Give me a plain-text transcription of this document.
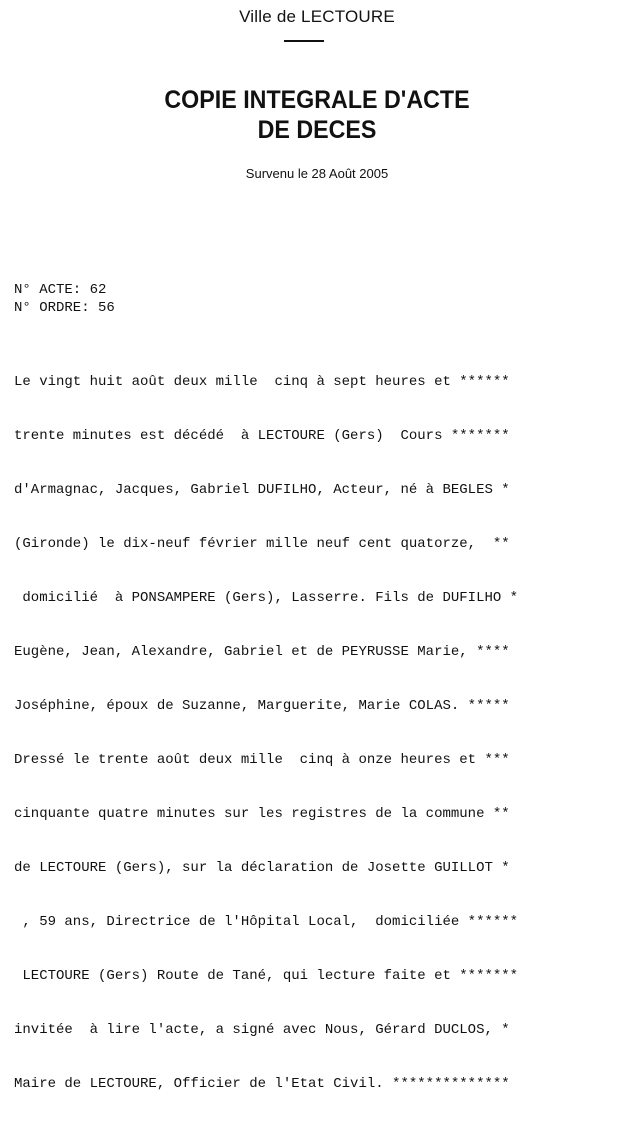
Ville de LECTOURE
COPIE INTEGRALE D'ACTE
DE DECES
Survenu le 28 Août 2005
N° ACTE: 62
N° ORDRE: 56

Le vingt huit août deux mille  cinq à sept heures et ******

trente minutes est décédé  à LECTOURE (Gers)  Cours *******

d'Armagnac, Jacques, Gabriel DUFILHO, Acteur, né à BEGLES *

(Gironde) le dix-neuf février mille neuf cent quatorze,  **

domicilié  à PONSAMPERE (Gers), Lasserre. Fils de DUFILHO *

Eugène, Jean, Alexandre, Gabriel et de PEYRUSSE Marie, ****

Joséphine, époux de Suzanne, Marguerite, Marie COLAS. *****

Dressé le trente août deux mille  cinq à onze heures et ***

cinquante quatre minutes sur les registres de la commune **

de LECTOURE (Gers), sur la déclaration de Josette GUILLOT *

, 59 ans, Directrice de l'Hôpital Local,  domiciliée ******

LECTOURE (Gers) Route de Tané, qui lecture faite et *******

invitée  à lire l'acte, a signé avec Nous, Gérard DUCLOS, *

Maire de LECTOURE, Officier de l'Etat Civil. **************
